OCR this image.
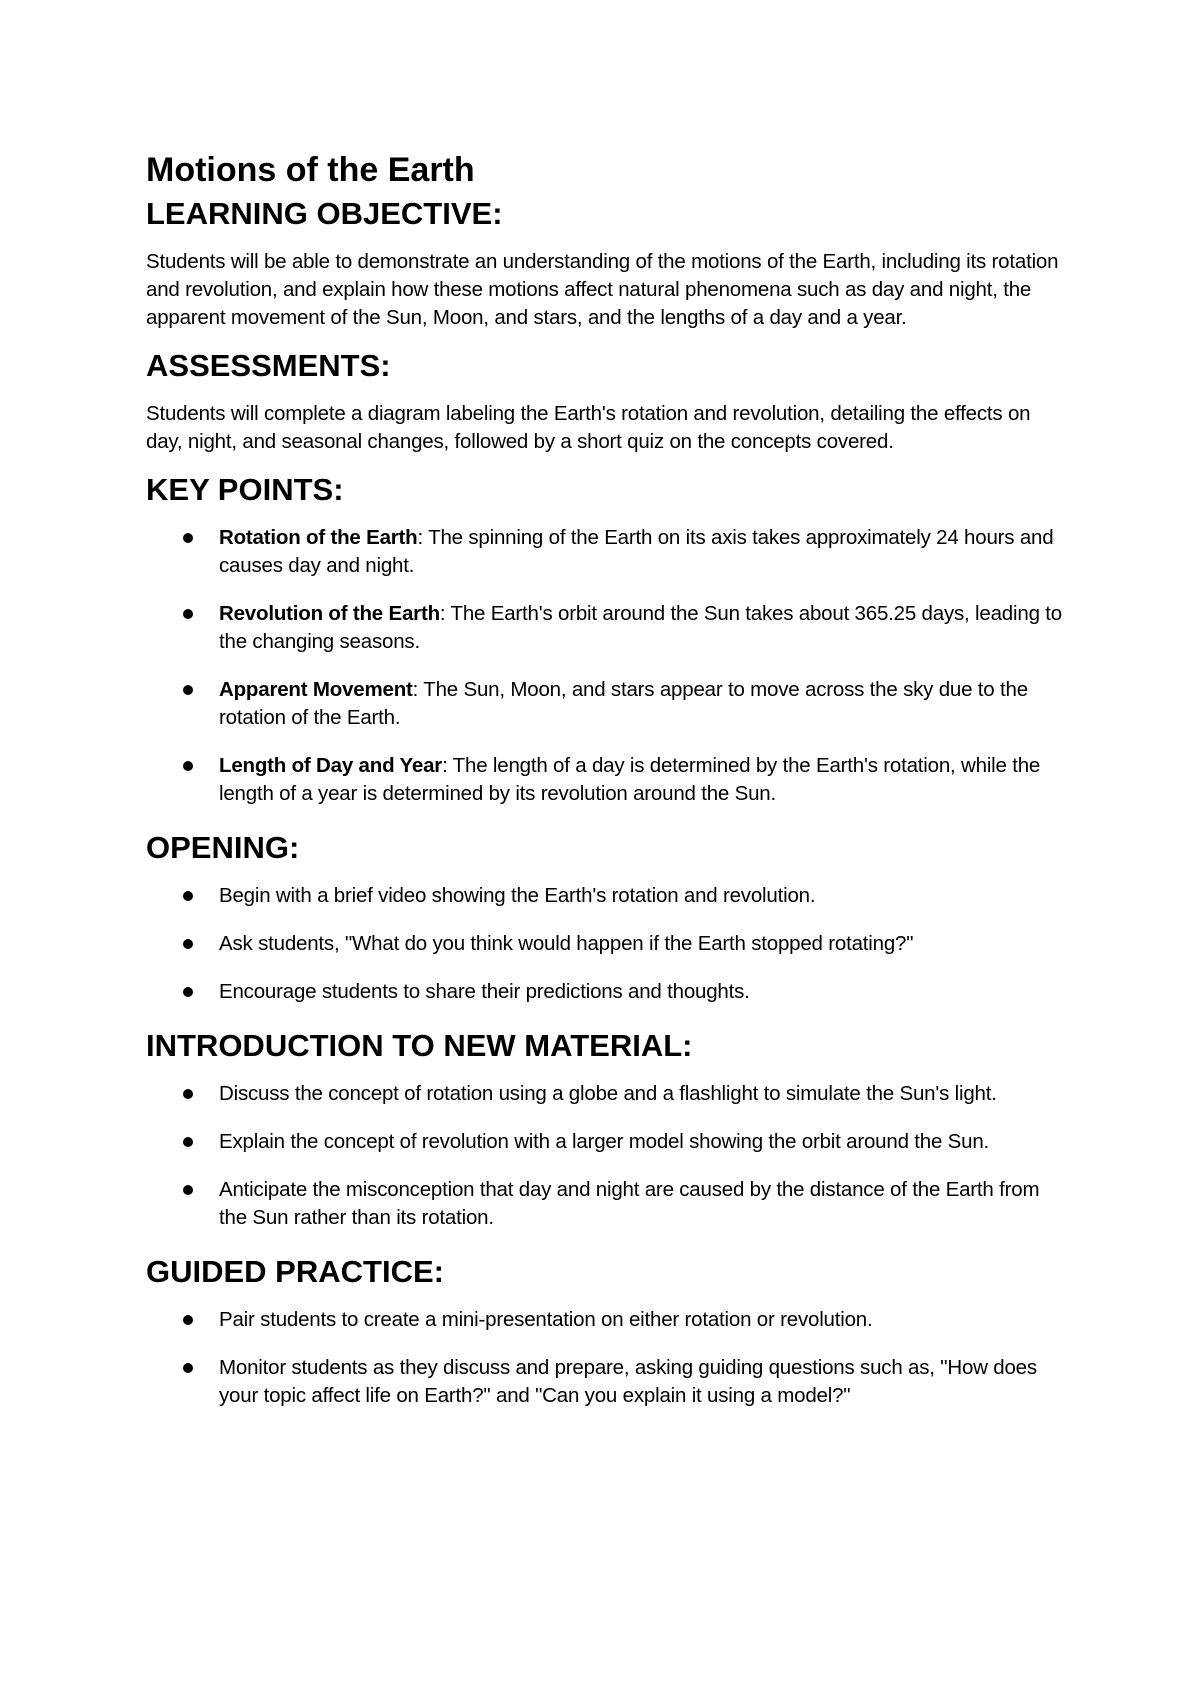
Motions of the Earth
LEARNING OBJECTIVE:

Students will be able to demonstrate an understanding of the motions of the Earth, including its rotation and revolution, and explain how these motions affect natural phenomena such as day and night, the apparent movement of the Sun, Moon, and stars, and the lengths of a day and a year.

ASSESSMENTS:

Students will complete a diagram labeling the Earth's rotation and revolution, detailing the effects on day, night, and seasonal changes, followed by a short quiz on the concepts covered.

KEY POINTS:
Rotation of the Earth: The spinning of the Earth on its axis takes approximately 24 hours and causes day and night.
Revolution of the Earth: The Earth's orbit around the Sun takes about 365.25 days, leading to the changing seasons.
Apparent Movement: The Sun, Moon, and stars appear to move across the sky due to the rotation of the Earth.
Length of Day and Year: The length of a day is determined by the Earth's rotation, while the length of a year is determined by its revolution around the Sun.
OPENING:
Begin with a brief video showing the Earth's rotation and revolution.
Ask students, "What do you think would happen if the Earth stopped rotating?"
Encourage students to share their predictions and thoughts.
INTRODUCTION TO NEW MATERIAL:
Discuss the concept of rotation using a globe and a flashlight to simulate the Sun's light.
Explain the concept of revolution with a larger model showing the orbit around the Sun.
Anticipate the misconception that day and night are caused by the distance of the Earth from the Sun rather than its rotation.
GUIDED PRACTICE:
Pair students to create a mini-presentation on either rotation or revolution.
Monitor students as they discuss and prepare, asking guiding questions such as, "How does your topic affect life on Earth?" and "Can you explain it using a model?"
